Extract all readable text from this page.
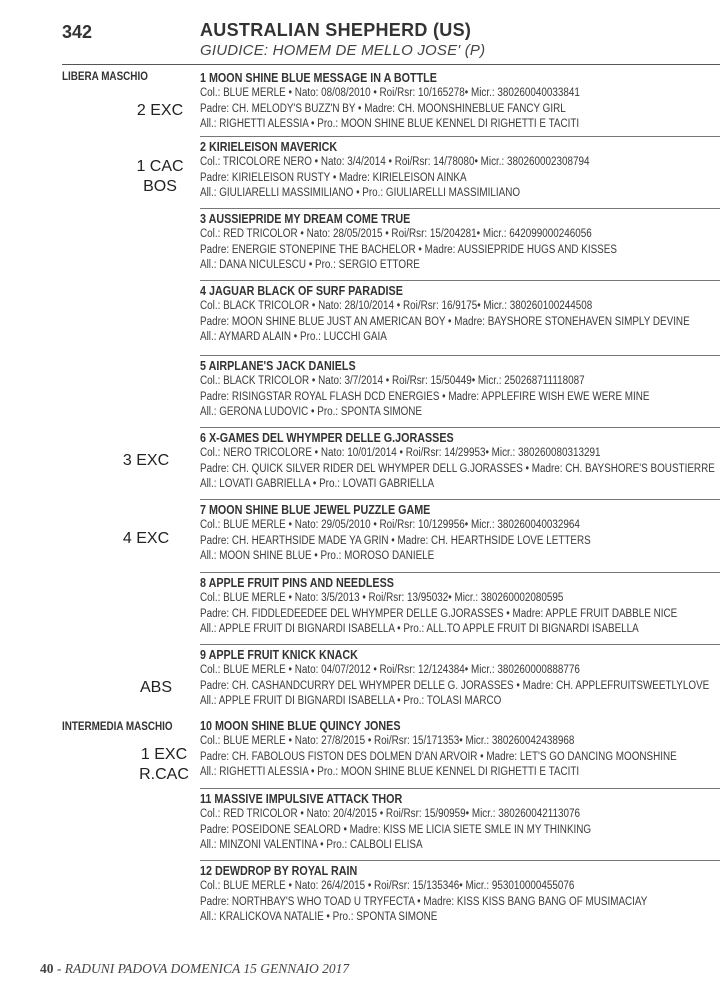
342	AUSTRALIAN SHEPHERD (US)
GIUDICE: HOMEM DE MELLO JOSE' (P)
LIBERA MASCHIO
INTERMEDIA MASCHIO
2 EXC
1 CAC
BOS
3 EXC
4 EXC
ABS
1 EXC
R.CAC
1 MOON SHINE BLUE MESSAGE IN A BOTTLE
Col.: BLUE MERLE • Nato: 08/08/2010 • Roi/Rsr: 10/165278• Micr.: 380260040033841
Padre: CH. MELODY'S BUZZ'N BY • Madre: CH. MOONSHINEBLUE FANCY GIRL
All.: RIGHETTI ALESSIA • Pro.: MOON SHINE BLUE KENNEL DI RIGHETTI E TACITI
2 KIRIELEISON MAVERICK
Col.: TRICOLORE NERO • Nato: 3/4/2014 • Roi/Rsr: 14/78080• Micr.: 380260002308794
Padre: KIRIELEISON RUSTY • Madre: KIRIELEISON AINKA
All.: GIULIARELLI MASSIMILIANO • Pro.: GIULIARELLI MASSIMILIANO
3 AUSSIEPRIDE MY DREAM COME TRUE
Col.: RED TRICOLOR • Nato: 28/05/2015 • Roi/Rsr: 15/204281• Micr.: 642099000246056
Padre: ENERGIE STONEPINE THE BACHELOR • Madre: AUSSIEPRIDE HUGS AND KISSES
All.: DANA NICULESCU • Pro.: SERGIO ETTORE
4 JAGUAR BLACK OF SURF PARADISE
Col.: BLACK TRICOLOR • Nato: 28/10/2014 • Roi/Rsr: 16/9175• Micr.: 380260100244508
Padre: MOON SHINE BLUE JUST AN AMERICAN BOY • Madre: BAYSHORE STONEHAVEN SIMPLY DEVINE
All.: AYMARD ALAIN • Pro.: LUCCHI GAIA
5 AIRPLANE'S JACK DANIELS
Col.: BLACK TRICOLOR • Nato: 3/7/2014 • Roi/Rsr: 15/50449• Micr.: 250268711118087
Padre: RISINGSTAR ROYAL FLASH DCD ENERGIES • Madre: APPLEFIRE WISH EWE WERE MINE
All.: GERONA LUDOVIC • Pro.: SPONTA SIMONE
6 X-GAMES DEL WHYMPER DELLE G.JORASSES
Col.: NERO TRICOLORE • Nato: 10/01/2014 • Roi/Rsr: 14/29953• Micr.: 380260080313291
Padre: CH. QUICK SILVER RIDER DEL WHYMPER DELL G.JORASSES • Madre: CH. BAYSHORE'S BOUSTIERRE
All.: LOVATI GABRIELLA • Pro.: LOVATI GABRIELLA
7 MOON SHINE BLUE JEWEL PUZZLE GAME
Col.: BLUE MERLE • Nato: 29/05/2010 • Roi/Rsr: 10/129956• Micr.: 380260040032964
Padre: CH. HEARTHSIDE MADE YA GRIN • Madre: CH. HEARTHSIDE LOVE LETTERS
All.: MOON SHINE BLUE • Pro.: MOROSO DANIELE
8 APPLE FRUIT PINS AND NEEDLESS
Col.: BLUE MERLE • Nato: 3/5/2013 • Roi/Rsr: 13/95032• Micr.: 380260002080595
Padre: CH. FIDDLEDEEDEE DEL WHYMPER DELLE G.JORASSES • Madre: APPLE FRUIT DABBLE NICE
All.: APPLE FRUIT DI BIGNARDI ISABELLA • Pro.: ALL.TO APPLE FRUIT DI BIGNARDI ISABELLA
9 APPLE FRUIT KNICK KNACK
Col.: BLUE MERLE • Nato: 04/07/2012 • Roi/Rsr: 12/124384• Micr.: 380260000888776
Padre: CH. CASHANDCURRY DEL WHYMPER DELLE G. JORASSES • Madre: CH. APPLEFRUITSWEETLYLOVE
All.: APPLE FRUIT DI BIGNARDI ISABELLA • Pro.: TOLASI MARCO
10 MOON SHINE BLUE QUINCY JONES
Col.: BLUE MERLE • Nato: 27/8/2015 • Roi/Rsr: 15/171353• Micr.: 380260042438968
Padre: CH. FABOLOUS FISTON DES DOLMEN D'AN ARVOIR • Madre: LET'S GO DANCING MOONSHINE
All.: RIGHETTI ALESSIA • Pro.: MOON SHINE BLUE KENNEL DI RIGHETTI E TACITI
11 MASSIVE IMPULSIVE ATTACK THOR
Col.: RED TRICOLOR • Nato: 20/4/2015 • Roi/Rsr: 15/90959• Micr.: 380260042113076
Padre: POSEIDONE SEALORD • Madre: KISS ME LICIA SIETE SMLE IN MY THINKING
All.: MINZONI VALENTINA • Pro.: CALBOLI ELISA
12 DEWDROP BY ROYAL RAIN
Col.: BLUE MERLE • Nato: 26/4/2015 • Roi/Rsr: 15/135346• Micr.: 953010000455076
Padre: NORTHBAY'S WHO TOAD U TRYFECTA • Madre: KISS KISS BANG BANG OF MUSIMACIAY
All.: KRALICKOVA NATALIE • Pro.: SPONTA SIMONE
40 - RADUNI PADOVA DOMENICA 15 GENNAIO 2017
